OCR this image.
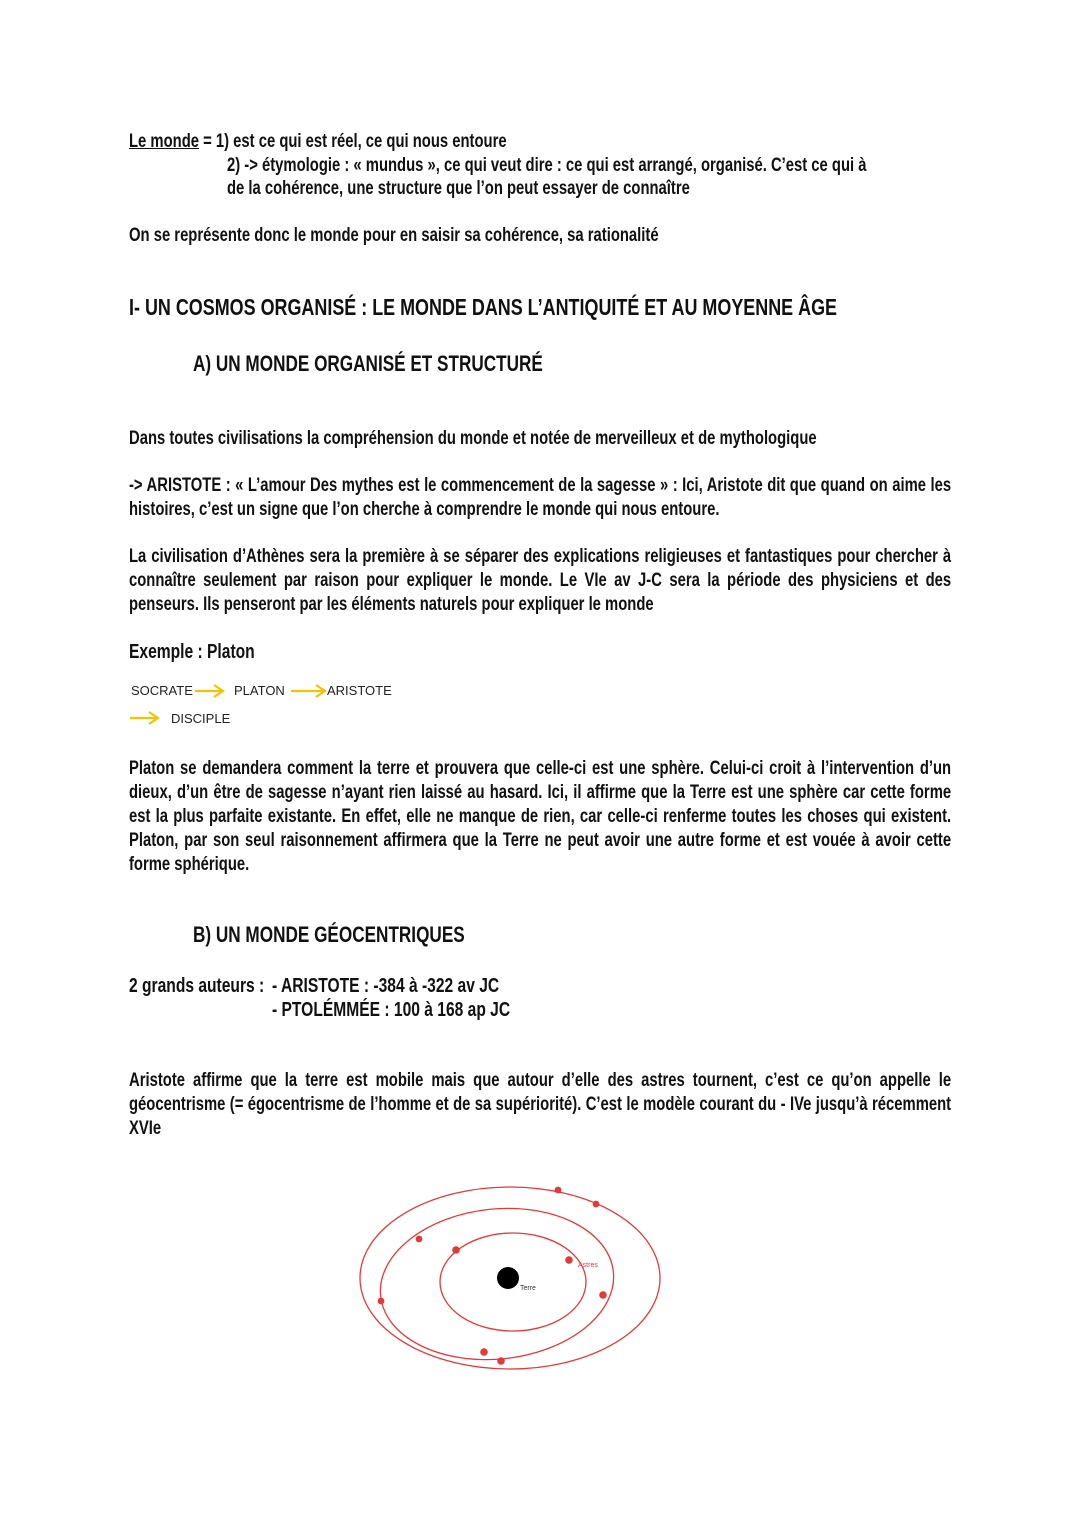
Le monde = 1) est ce qui est réel, ce qui nous entoure
2) -> étymologie : « mundus », ce qui veut dire : ce qui est arrangé, organisé. C’est ce qui à
de la cohérence, une structure que l’on peut essayer de connaître
On se représente donc le monde pour en saisir sa cohérence, sa rationalité
I- UN COSMOS ORGANISÉ : LE MONDE DANS L’ANTIQUITÉ ET AU MOYENNE ÂGE
A) UN MONDE ORGANISÉ ET STRUCTURÉ
Dans toutes civilisations la compréhension du monde et notée de merveilleux et de mythologique
-> ARISTOTE : « L’amour Des mythes est le commencement de la sagesse » : Ici, Aristote dit que quand on aime les histoires, c’est un signe que l’on cherche à comprendre le monde qui nous entoure.
La civilisation d’Athènes sera la première à se séparer des explications religieuses et fantastiques pour chercher à connaître seulement par raison pour expliquer le monde. Le VIe av J-C sera la période des physiciens et des penseurs. Ils penseront par les éléments naturels pour expliquer le monde
Exemple : Platon
SOCRATE	PLATON	ARISTOTE
DISCIPLE
Platon se demandera comment la terre et prouvera que celle-ci est une sphère. Celui-ci croit à l’intervention d’un dieux, d’un être de sagesse n’ayant rien laissé au hasard. Ici, il affirme que la Terre est une sphère car cette forme est la plus parfaite existante. En effet, elle ne manque de rien, car celle-ci renferme toutes les choses qui existent. Platon, par son seul raisonnement affirmera que la Terre ne peut avoir une autre forme et est vouée à avoir cette forme sphérique.
B) UN MONDE GÉOCENTRIQUES
2 grands auteurs : - ARISTOTE : -384 à -322 av JC
- PTOLÉMMÉE : 100 à 168 ap JC
Aristote affirme que la terre est mobile mais que autour d’elle des astres tournent, c’est ce qu’on appelle le géocentrisme (= égocentrisme de l’homme et de sa supériorité). C’est le modèle courant du - IVe jusqu’à récemment XVIe
Terre
Astres
